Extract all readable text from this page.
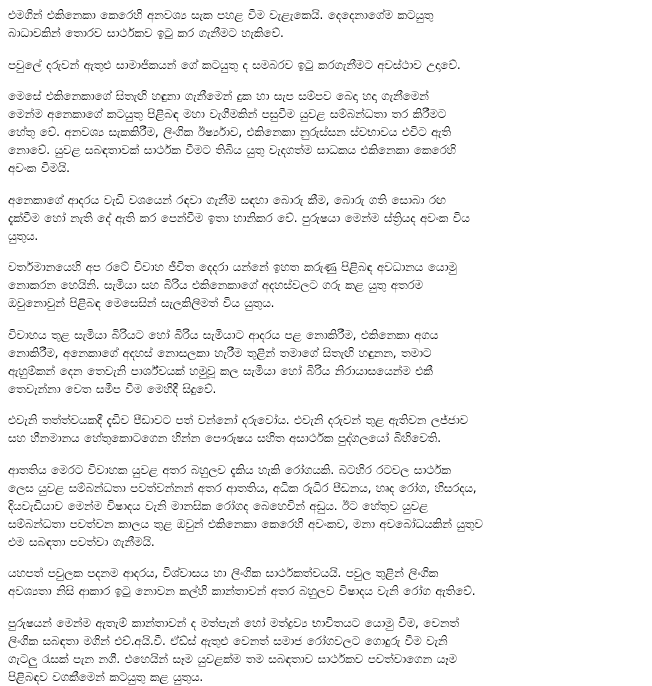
එමගින් එකිනෙකා කෙරෙහි අනවශ්‍ය සැක පහළ වීම වැළැකෙයි. දෙදෙනාගේම කටයුතු
බාධාවකින් තොරව සාර්ථකව ඉටු කර ගැනීමට හැකිවේ.

පවුලේ දරුවන් ඇතුළු සාමාජිකයන් ගේ කටයුතු ද සමබරව ඉටු කරගැනීමට අවස්ථාව උදාවේ.

මෙසේ එකිනෙකාගේ සිතැඟි හඳුනා ගැනීමෙන් දුක හා සැප සම්පව බෙදා හදා ගැනීමෙන්
මෙන්ම අනෙකාගේ කටයුතු පිළිබඳ මහා වැගීමකින් පසුවීම යුවළ සම්බන්ධතා තර කිරීමට
හේතු වේ. අනවශ්‍ය සැකකිරීම, ලිංගික ඊර්ෂ්‍යාව, එකිනෙකා නුරුස්සන ස්වභාවය එවිට ඇති
නොවේ. යුවළ සබඳතාවක් සාර්ථක වීමට තිබිය යුතු වැදගත්ම සාධකය එකිනෙකා කෙරෙහි
අවංක වීමයි.

අනෙකාගේ ආදරය වැඩි වශයෙන් රඳවා ගැනීම සඳහා බොරු කීම, බොරු ගති සොබා රඟ
දැක්වීම හෝ නැති දේ ඇති කර පෙන්වීම ඉතා හානිකර වේ. පුරුෂයා මෙන්ම ස්ත්‍රියද අවංක විය
යුතුය.

වර්තමානයෙහි අප රටේ විවාහ ජීවිත දෙදරා යන්නේ ඉහත කරුණු පිළිබඳ අවධානය යොමු
නොකරන හෙයිනි. සැමියා සහ බිරිය එකිනෙකාගේ අදහස්වලට ගරු කළ යුතු අතරම
ඔවුනොවුන් පිළිබඳ මෙසෙසින් සැලකිලිමත් විය යුතුය.

විවාහය තුළ සැමියා බිරියට හෝ බිරිය සැමියාට ආදරය පළ නොකිරීම, එකිනෙකා අගය
නොකිරීම, අනෙකාගේ අදහස් නොසලකා හැරීම තුළින් තමාගේ සිතැඟි හඳුනන, තමාට
ඇහුම්කන් දෙන තෙවැනි පාර්ශ්වයක් හමුවූ කල සැමියා හෝ බිරිය නිරායාසයෙන්ම එකී
තෙවැන්නා වෙත සමීප වීම මෙහිදී සිදුවේ.

එවැනි තත්ත්වයකදී දැඩිව පීඩාවට පත් වන්නෝ දරුවෝය. එවැනි දරුවන් තුළ ඇතිවන ලජ්ජාව
සහ හීනමානය හේතුකොටගෙන හින්න පෞරුෂය සහිත අසාර්ථක පුද්ගලයෝ බිහිවෙති.

ආතතිය මෙරට විවාහක යුවළ අතර බහුලව දැකිය හැකි රෝගයකි. බටහිර රටවල සාර්ථක
ලෙස යුවළ සම්බන්ධතා පවත්වන්නන් අතර ආතතිය, අධික රුධිර පීඩනය, හෘද රෝග, හිසරදය,
දියවැඩියාව මෙන්ම විෂාදය වැනි මානසික රෝගද බෙහෙවින් අඩුය. ඊට හේතුව යුවළ
සම්බන්ධතා පවත්වන කාලය තුළ ඔවුන් එකිනෙකා කෙරෙහි අවංකව, මනා අවබෝධයකින් යුතුව
එම සබඳතා පවත්වා ගැනීමයි.

යහපත් පවුලක පදනම ආදරය, විශ්වාසය හා ලිංගික සාර්ථකත්වයයි. පවුල තුළින් ලිංගික
අවශ්‍යතා නිසි ආකාර ඉටු නොවන කල්හි කාන්තාවන් අතර බහුලව විෂාදය වැනි රෝග ඇතිවේ.

පුරුෂයන් මෙන්ම ඇතැම් කාන්තාවන් ද මත්පැන් හෝ මත්ද්‍රව්‍ය භාවිතයට යොමු වීම, වෙනත්
ලිංගික සබඳතා මගින් එච්.අයි.වී. ඒඩ්ස් ඇතුළු වෙනත් සමාජ රෝගවලට ගොදුරු වීම වැනි
ගැටලු රැසක් පැන නගී. එහෙයින් සෑම යුවළක්ම තම සබඳතාව සාර්ථකව පවත්වාගෙන යෑම
පිළිබඳව වගකීමෙන් කටයුතු කළ යුතුය.
